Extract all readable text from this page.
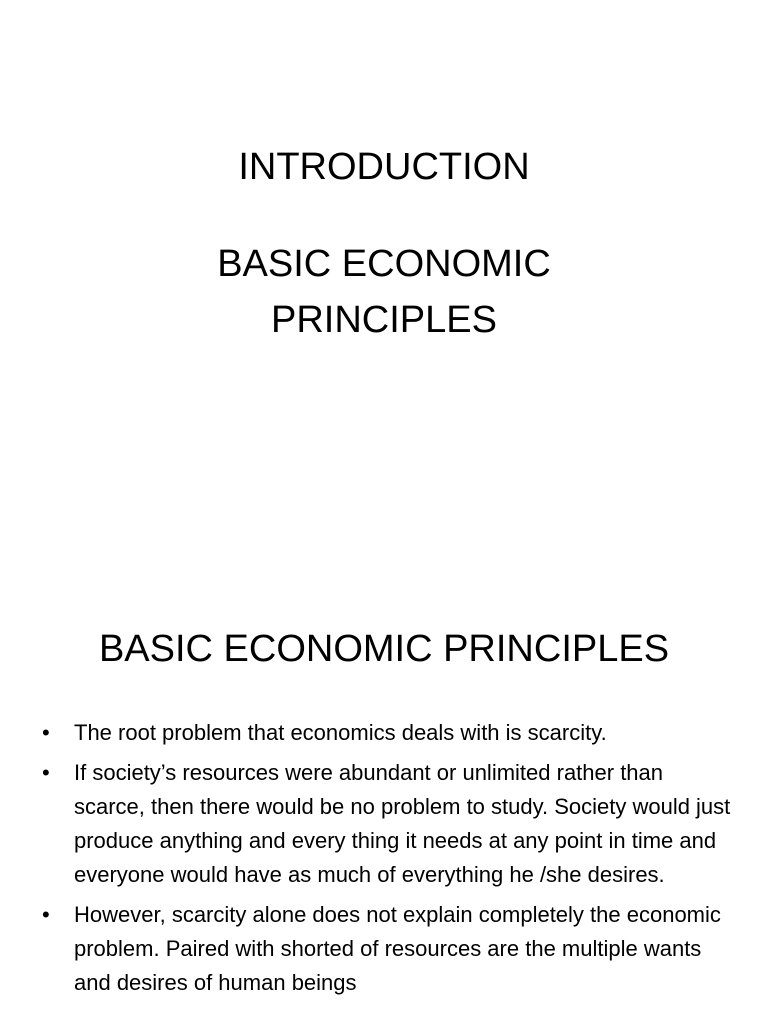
INTRODUCTION
BASIC ECONOMIC
PRINCIPLES
BASIC ECONOMIC PRINCIPLES
•	The root problem that economics deals with is scarcity.
•	If society’s resources were abundant or unlimited rather than scarce, then there would be no problem to study. Society would just produce anything and every thing it needs at any point in time and everyone would have as much of everything he /she desires.
•	However, scarcity alone does not explain completely the economic problem. Paired with shorted of resources are the multiple wants and desires of human beings
